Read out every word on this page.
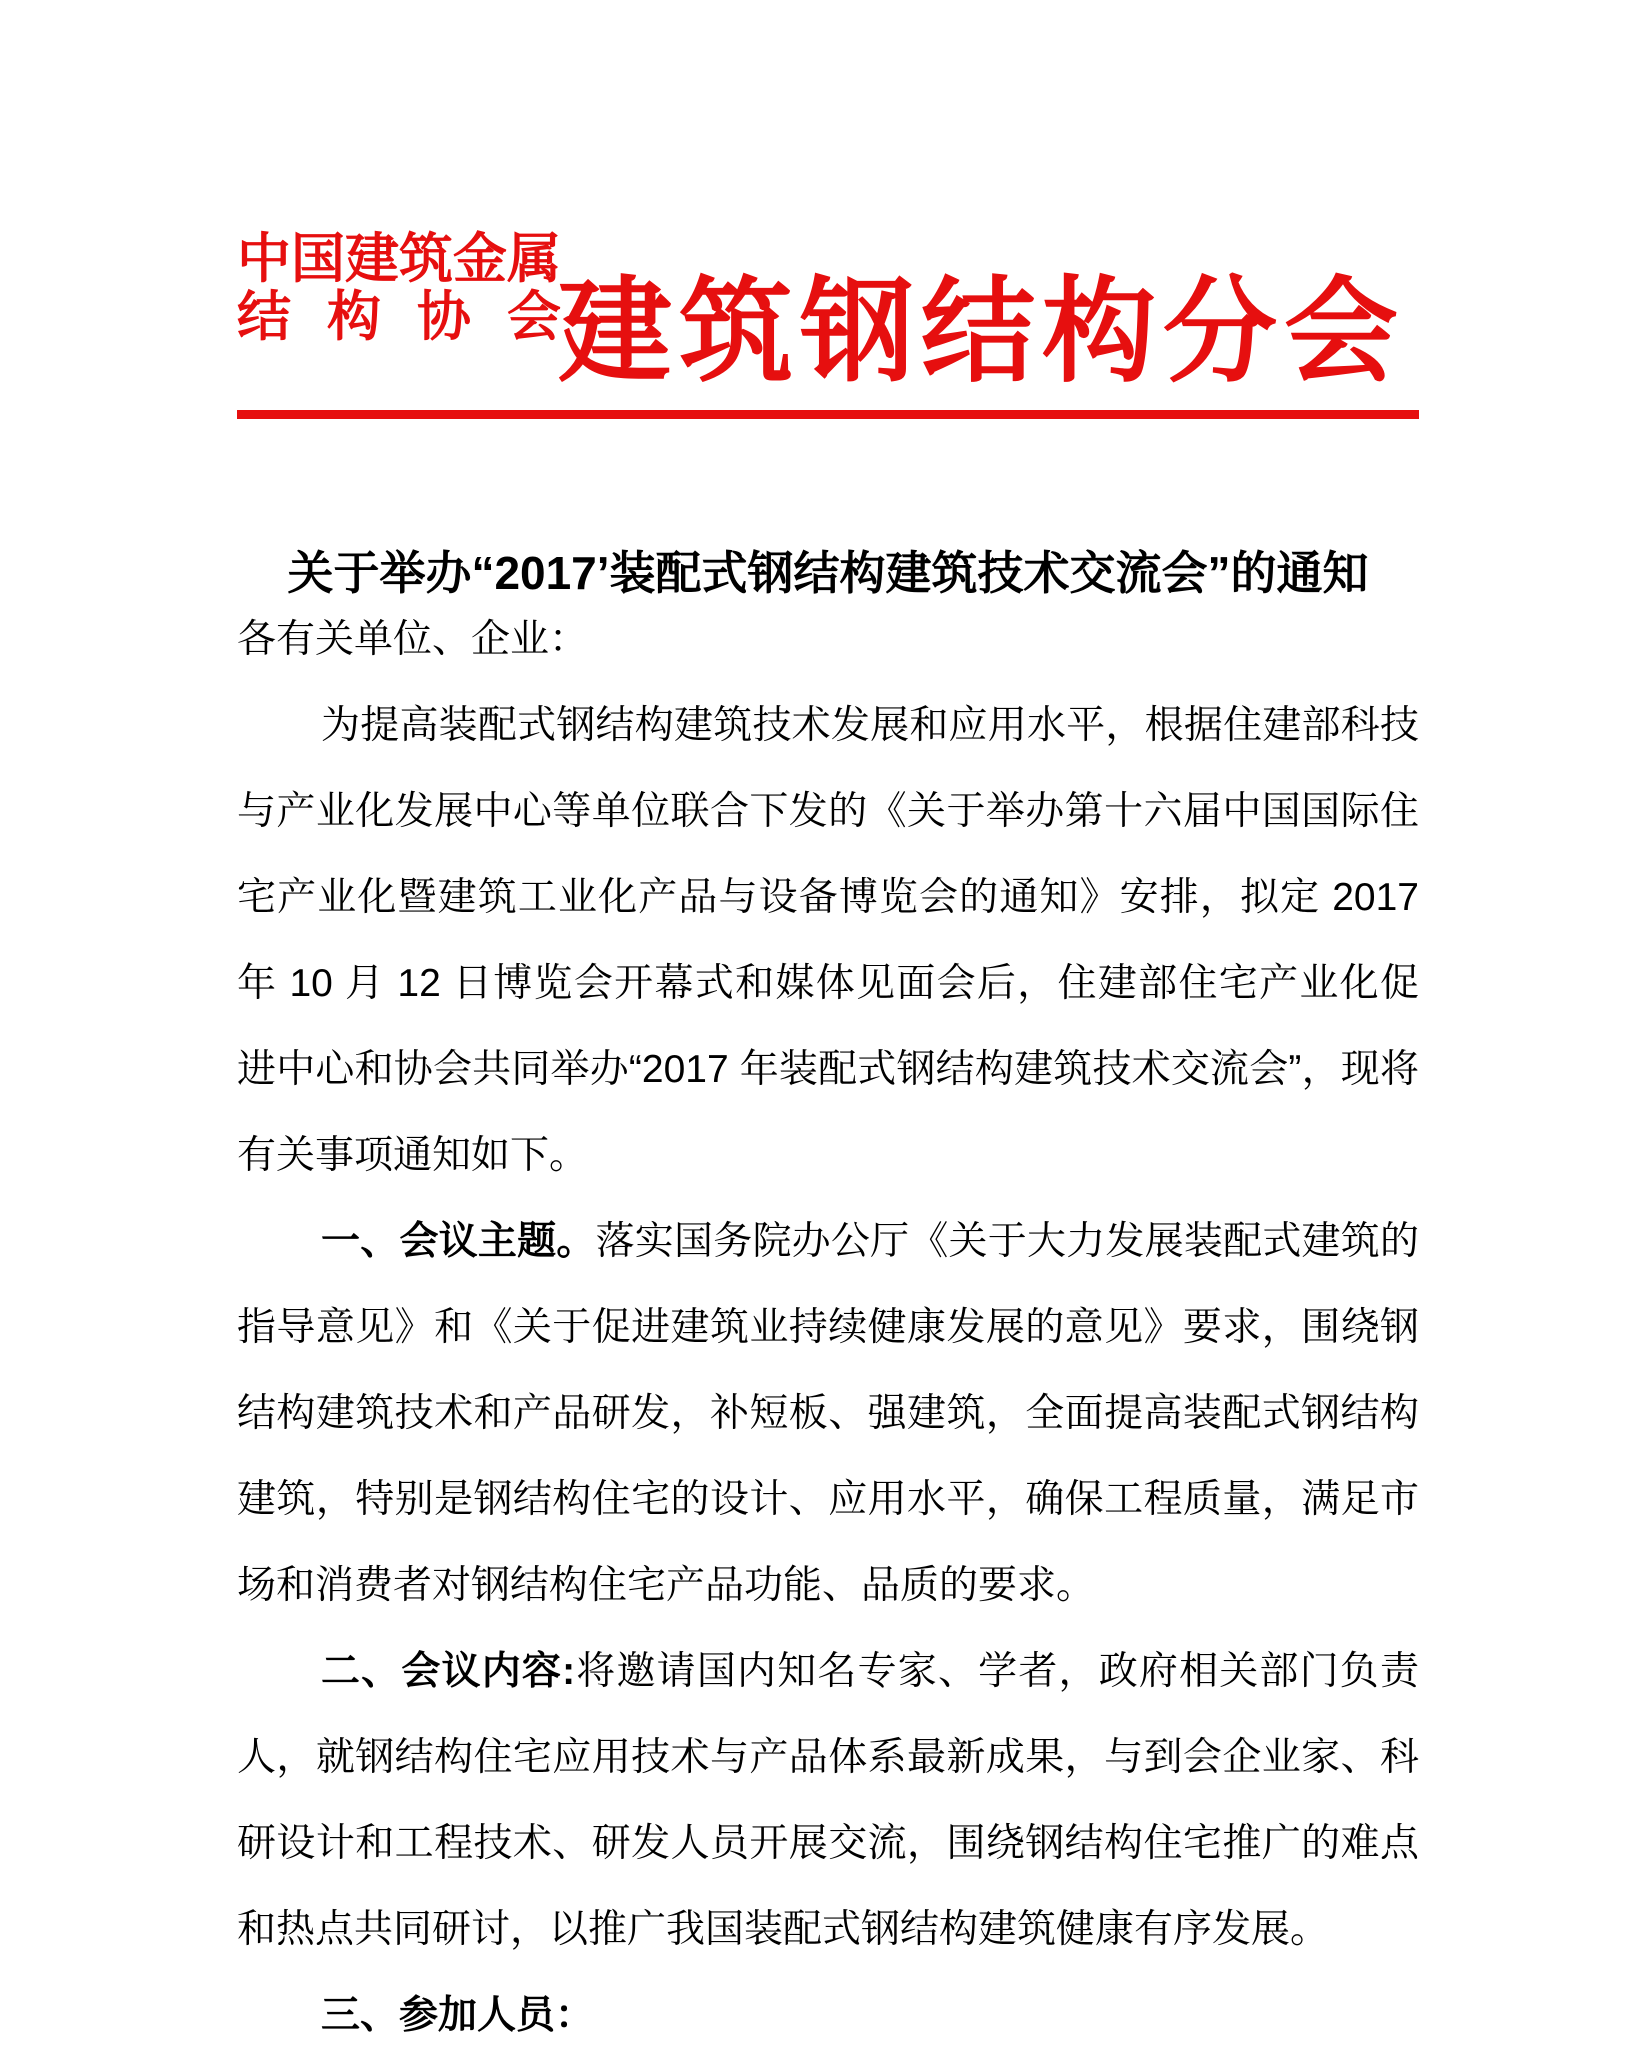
中国建筑金属
结构协会
建筑钢结构分会
关于举办“2017’装配式钢结构建筑技术交流会”的通知
各有关单位、企业：
为提高装配式钢结构建筑技术发展和应用水平，根据住建部科技
与产业化发展中心等单位联合下发的《关于举办第十六届中国国际住
宅产业化暨建筑工业化产品与设备博览会的通知》安排，拟定 2017
年 10 月 12 日博览会开幕式和媒体见面会后，住建部住宅产业化促
进中心和协会共同举办“2017 年装配式钢结构建筑技术交流会”，现将
有关事项通知如下。
一、会议主题。落实国务院办公厅《关于大力发展装配式建筑的
指导意见》和《关于促进建筑业持续健康发展的意见》要求，围绕钢
结构建筑技术和产品研发，补短板、强建筑，全面提高装配式钢结构
建筑，特别是钢结构住宅的设计、应用水平，确保工程质量，满足市
场和消费者对钢结构住宅产品功能、品质的要求。
二、会议内容:将邀请国内知名专家、学者，政府相关部门负责
人，就钢结构住宅应用技术与产品体系最新成果，与到会企业家、科
研设计和工程技术、研发人员开展交流，围绕钢结构住宅推广的难点
和热点共同研讨，以推广我国装配式钢结构建筑健康有序发展。
三、参加人员：
